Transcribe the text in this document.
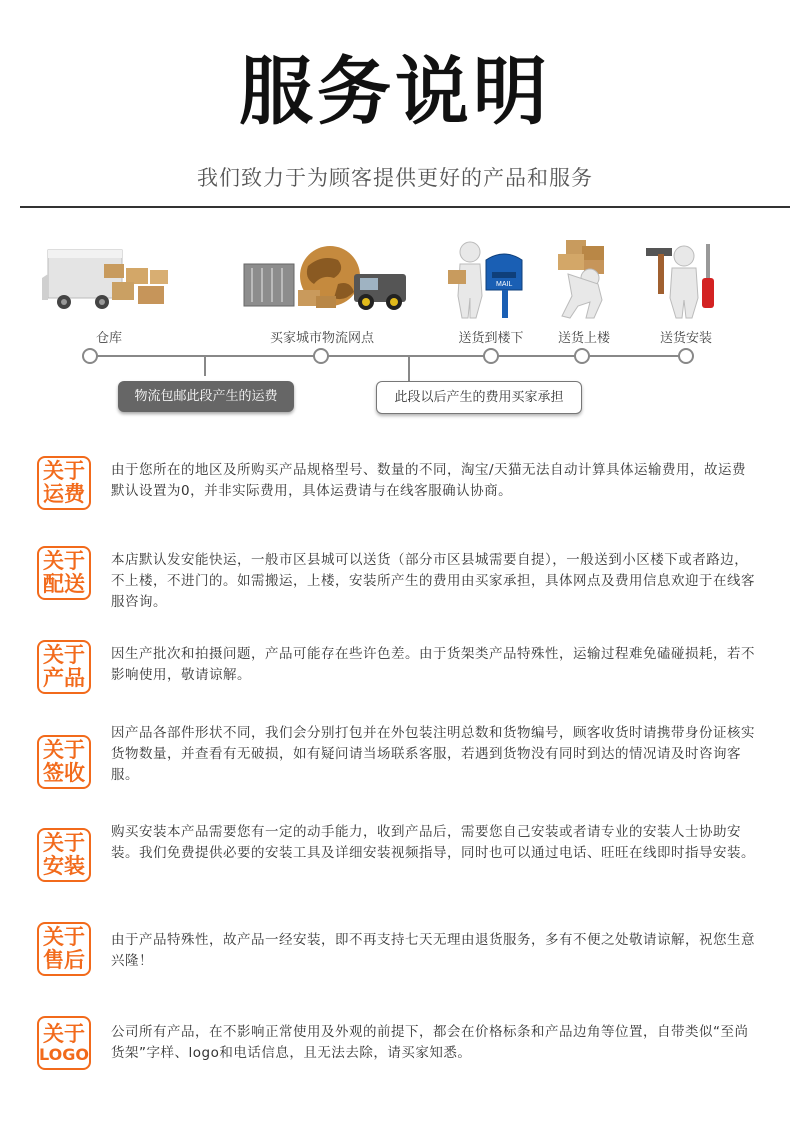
服务说明
我们致力于为顾客提供更好的产品和服务
MAIL
仓库	买家城市物流网点	送货到楼下	送货上楼	送货安装
物流包邮此段产生的运费	此段以后产生的费用买家承担
关于
运费
由于您所在的地区及所购买产品规格型号、数量的不同，淘宝/天猫无法自动计算具体运输费用，故运费默认设置为0，并非实际费用，具体运费请与在线客服确认协商。
关于
配送
本店默认发安能快运，一般市区县城可以送货（部分市区县城需要自提），一般送到小区楼下或者路边，不上楼，不进门的。如需搬运，上楼，安装所产生的费用由买家承担，具体网点及费用信息欢迎于在线客服咨询。
关于
产品
因生产批次和拍摄问题，产品可能存在些许色差。由于货架类产品特殊性，运输过程难免磕碰损耗，若不影响使用，敬请谅解。
关于
签收
因产品各部件形状不同，我们会分别打包并在外包装注明总数和货物编号，顾客收货时请携带身份证核实货物数量，并查看有无破损，如有疑问请当场联系客服，若遇到货物没有同时到达的情况请及时咨询客服。
关于
安装
购买安装本产品需要您有一定的动手能力，收到产品后，需要您自己安装或者请专业的安装人士协助安装。我们免费提供必要的安装工具及详细安装视频指导，同时也可以通过电话、旺旺在线即时指导安装。
关于
售后
由于产品特殊性，故产品一经安装，即不再支持七天无理由退货服务，多有不便之处敬请谅解，祝您生意兴隆！
关于
LOGO
公司所有产品，在不影响正常使用及外观的前提下，都会在价格标条和产品边角等位置，自带类似“至尚货架”字样、logo和电话信息，且无法去除，请买家知悉。
